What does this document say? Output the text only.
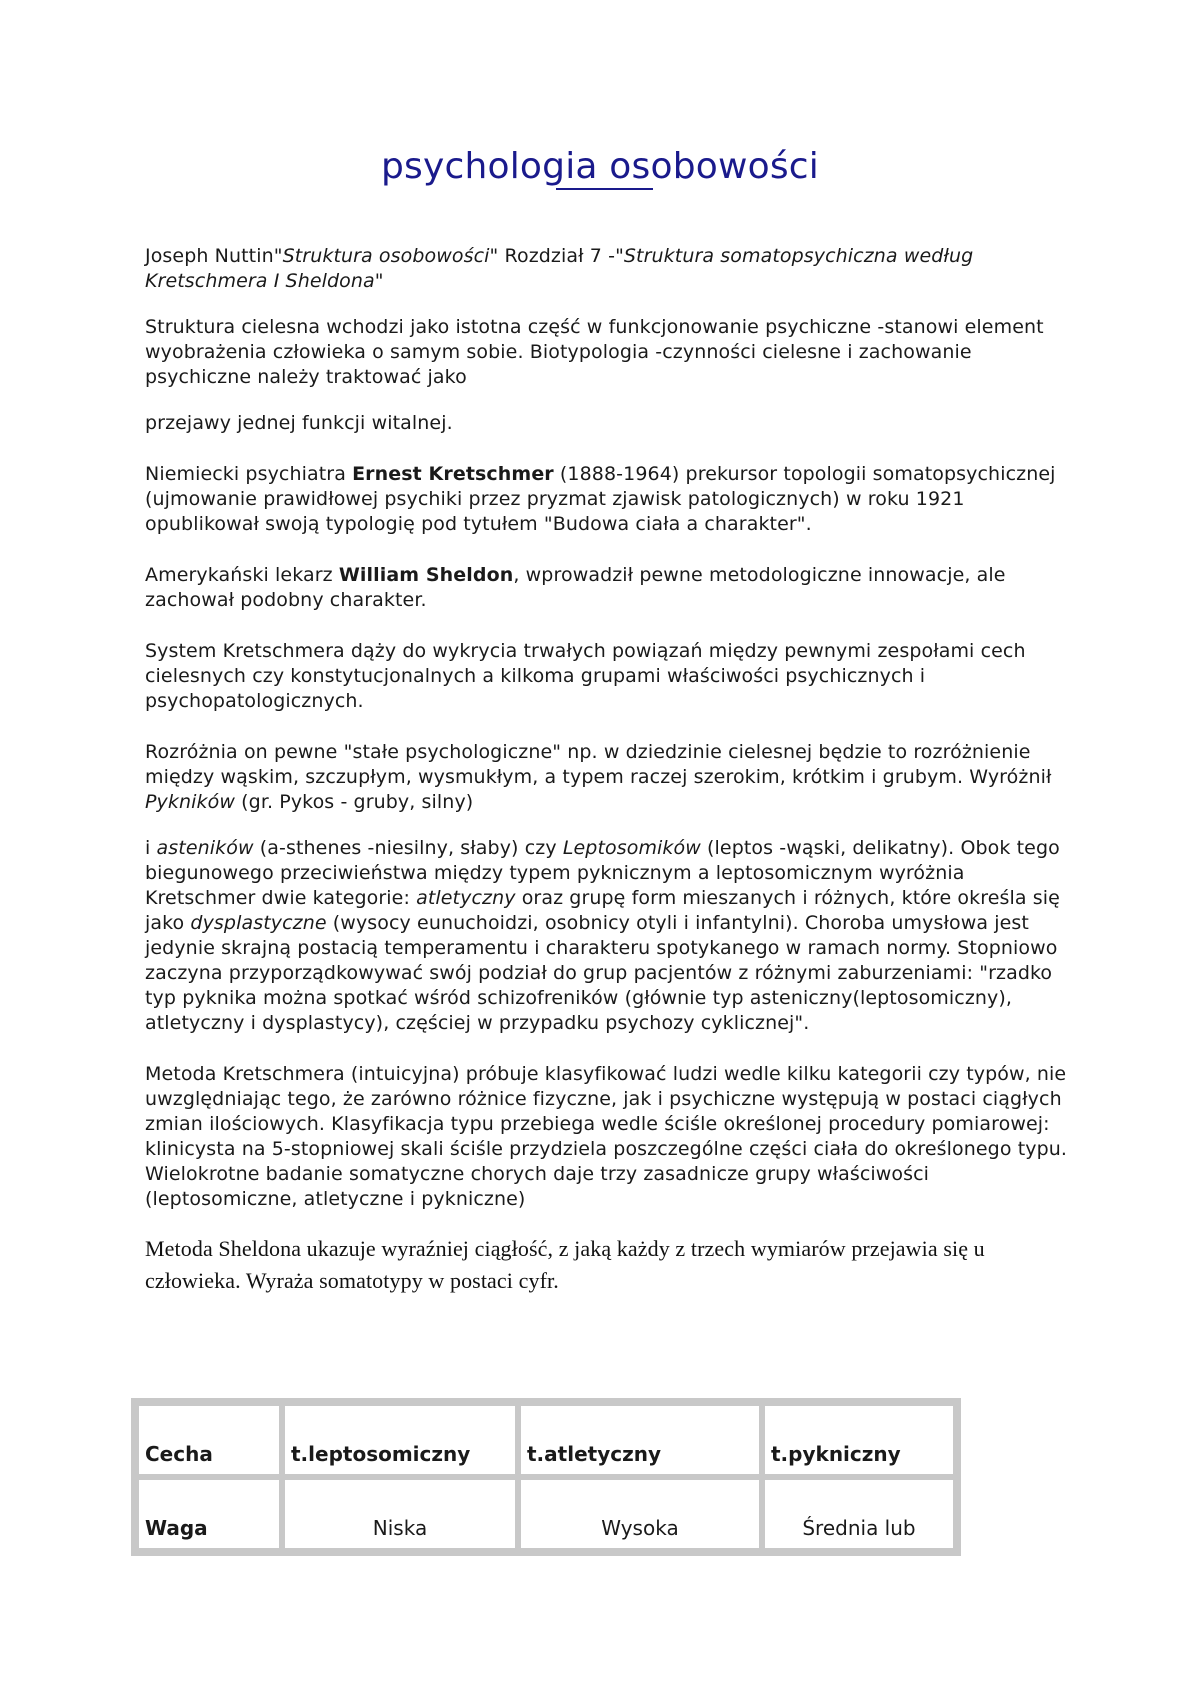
psychologia osobowości

Joseph Nuttin"Struktura osobowości" Rozdział 7 -"Struktura somatopsychiczna według Kretschmera I Sheldona"

Struktura cielesna wchodzi jako istotna część w funkcjonowanie psychiczne -stanowi element wyobrażenia człowieka o samym sobie. Biotypologia -czynności cielesne i zachowanie psychiczne należy traktować jako

przejawy jednej funkcji witalnej.

Niemiecki psychiatra Ernest Kretschmer (1888-1964) prekursor topologii somatopsychicznej (ujmowanie prawidłowej psychiki przez pryzmat zjawisk patologicznych) w roku 1921 opublikował swoją typologię pod tytułem "Budowa ciała a charakter".

Amerykański lekarz William Sheldon, wprowadził pewne metodologiczne innowacje, ale zachował podobny charakter.

System Kretschmera dąży do wykrycia trwałych powiązań między pewnymi zespołami cech cielesnych czy konstytucjonalnych a kilkoma grupami właściwości psychicznych i psychopatologicznych.

Rozróżnia on pewne "stałe psychologiczne" np. w dziedzinie cielesnej będzie to rozróżnienie między wąskim, szczupłym, wysmukłym, a typem raczej szerokim, krótkim i grubym. Wyróżnił Pykników (gr. Pykos - gruby, silny)

i asteników (a-sthenes -niesilny, słaby) czy Leptosomików (leptos -wąski, delikatny). Obok tego biegunowego przeciwieństwa między typem pyknicznym a leptosomicznym wyróżnia Kretschmer dwie kategorie: atletyczny oraz grupę form mieszanych i różnych, które określa się jako dysplastyczne (wysocy eunuchoidzi, osobnicy otyli i infantylni). Choroba umysłowa jest jedynie skrajną postacią temperamentu i charakteru spotykanego w ramach normy. Stopniowo zaczyna przyporządkowywać swój podział do grup pacjentów z różnymi zaburzeniami: "rzadko typ pyknika można spotkać wśród schizofreników (głównie typ asteniczny(leptosomiczny), atletyczny i dysplastycy), częściej w przypadku psychozy cyklicznej".

Metoda Kretschmera (intuicyjna) próbuje klasyfikować ludzi wedle kilku kategorii czy typów, nie uwzględniając tego, że zarówno różnice fizyczne, jak i psychiczne występują w postaci ciągłych zmian ilościowych. Klasyfikacja typu przebiega wedle ściśle określonej procedury pomiarowej: klinicysta na 5-stopniowej skali ściśle przydziela poszczególne części ciała do określonego typu. Wielokrotne badanie somatyczne chorych daje trzy zasadnicze grupy właściwości (leptosomiczne, atletyczne i pykniczne)

Metoda Sheldona ukazuje wyraźniej ciągłość, z jaką każdy z trzech wymiarów przejawia się u człowieka. Wyraża somatotypy w postaci cyfr.

Cecha	t.leptosomiczny	t.atletyczny	t.pykniczny
Waga	Niska	Wysoka	Średnia lub
